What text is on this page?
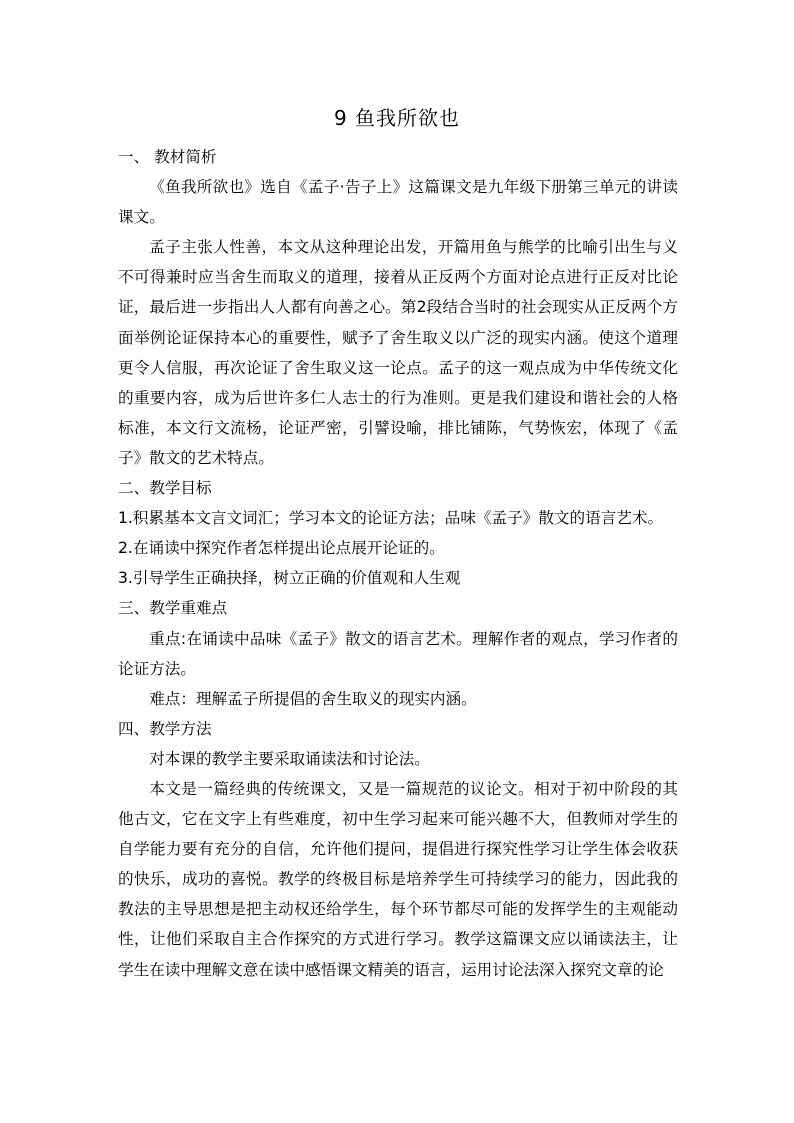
9 鱼我所欲也

一、 教材简析

《鱼我所欲也》选自《孟子·告子上》这篇课文是九年级下册第三单元的讲读课文。

孟子主张人性善，本文从这种理论出发，开篇用鱼与熊学的比喻引出生与义不可得兼时应当舍生而取义的道理，接着从正反两个方面对论点进行正反对比论证，最后进一步指出人人都有向善之心。第2段结合当时的社会现实从正反两个方面举例论证保持本心的重要性，赋予了舍生取义以广泛的现实内涵。使这个道理更令人信服，再次论证了舍生取义这一论点。孟子的这一观点成为中华传统文化的重要内容，成为后世许多仁人志士的行为准则。更是我们建设和谐社会的人格标准，本文行文流杨，论证严密，引譬设喻，排比铺陈，气势恢宏，体现了《孟子》散文的艺术特点。

二、教学目标

1.积累基本文言文词汇；学习本文的论证方法；品味《孟子》散文的语言艺术。

2.在诵读中探究作者怎样提出论点展开论证的。

3.引导学生正确抉择，树立正确的价值观和人生观

三、教学重难点

重点:在诵读中品味《孟子》散文的语言艺术。理解作者的观点，学习作者的论证方法。

难点：理解孟子所提倡的舍生取义的现实内涵。

四、教学方法

对本课的教学主要采取诵读法和讨论法。

本文是一篇经典的传统课文，又是一篇规范的议论文。相对于初中阶段的其他古文，它在文字上有些难度，初中生学习起来可能兴趣不大，但教师对学生的自学能力要有充分的自信，允许他们提问，提倡进行探究性学习让学生体会收获的快乐，成功的喜悦。教学的终极目标是培养学生可持续学习的能力，因此我的教法的主导思想是把主动权还给学生，每个环节都尽可能的发挥学生的主观能动性，让他们采取自主合作探究的方式进行学习。教学这篇课文应以诵读法主，让学生在读中理解文意在读中感悟课文精美的语言，运用讨论法深入探究文章的论
